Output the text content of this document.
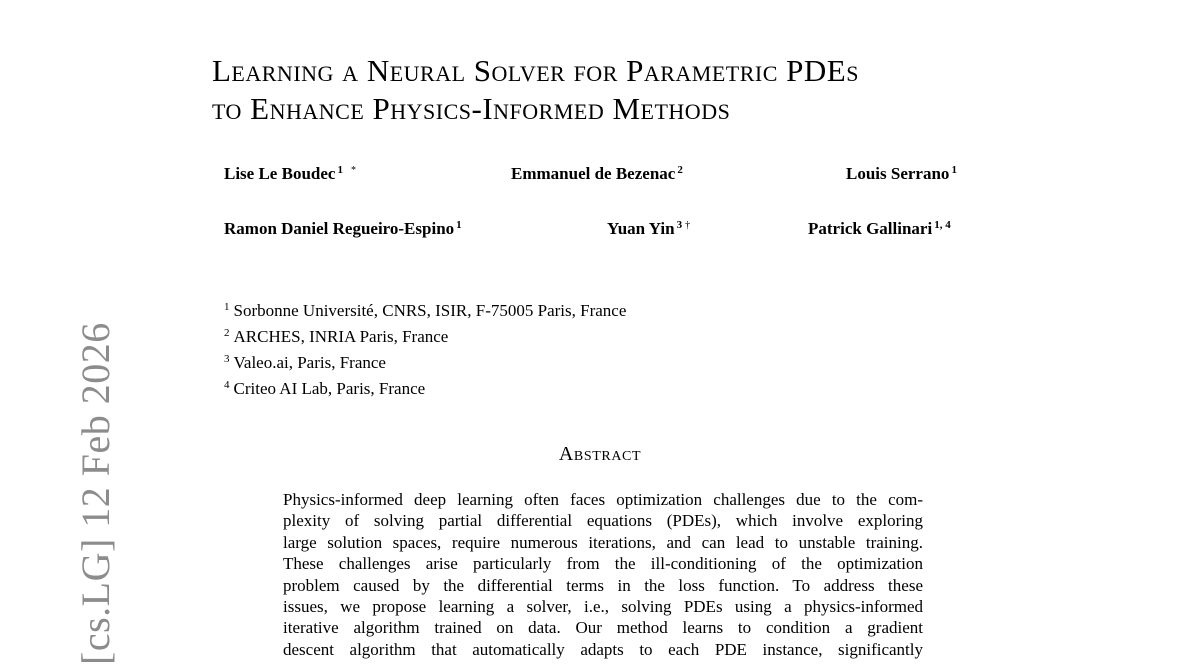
Learning a Neural Solver for Parametric PDEs
to Enhance Physics-Informed Methods
Lise Le Boudec $^1$ *	Emmanuel de Bezenac $^2$	Louis Serrano $^1$
Ramon Daniel Regueiro-Espino $^1$	Yuan Yin $^3$ †	Patrick Gallinari $^{1, 4}$
$^1$ Sorbonne Université, CNRS, ISIR, F-75005 Paris, France
$^2$ ARCHES, INRIA Paris, France
$^3$ Valeo.ai, Paris, France
$^4$ Criteo AI Lab, Paris, France
Abstract
Physics-informed deep learning often faces optimization challenges due to the com-
plexity of solving partial differential equations (PDEs), which involve exploring
large solution spaces, require numerous iterations, and can lead to unstable training.
These challenges arise particularly from the ill-conditioning of the optimization
problem caused by the differential terms in the loss function. To address these
issues, we propose learning a solver, i.e., solving PDEs using a physics-informed
iterative algorithm trained on data. Our method learns to condition a gradient
descent algorithm that automatically adapts to each PDE instance, significantly
[cs.LG] 12 Feb 2026
